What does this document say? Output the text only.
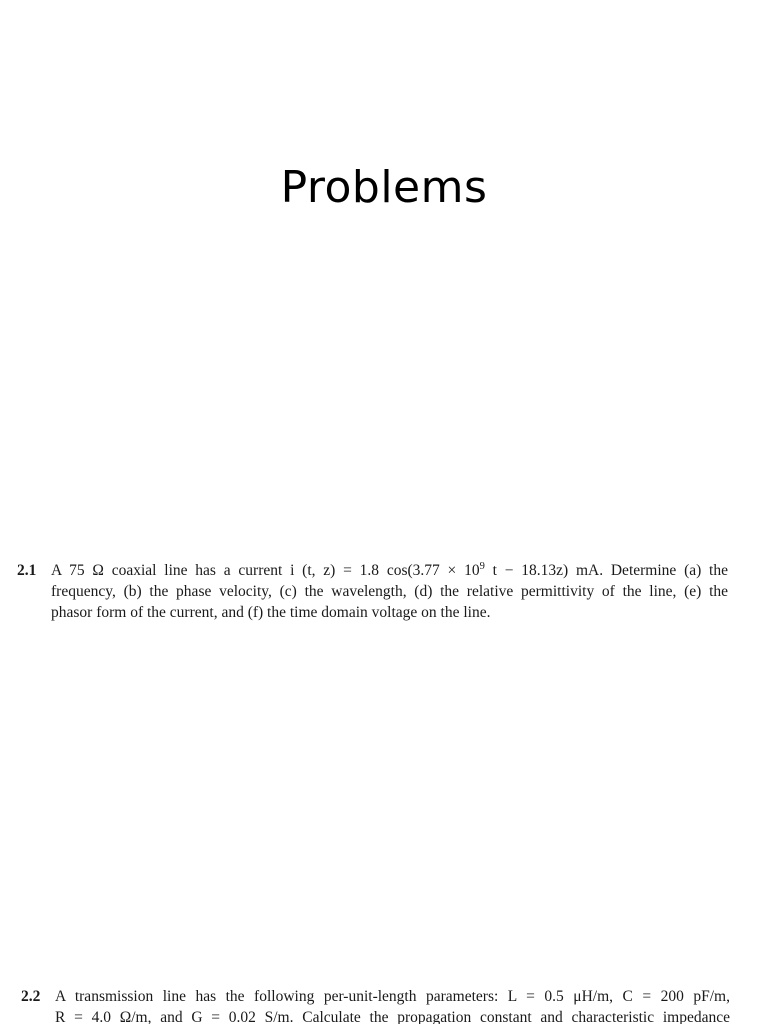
Problems
2.1 A 75 Ω coaxial line has a current i (t, z) = 1.8 $\cos(3.77 \times 10^9$ t − 18.13z) mA. Determine (a) the
frequency, (b) the phase velocity, (c) the wavelength, (d) the relative permittivity of the line, (e) the
phasor form of the current, and (f) the time domain voltage on the line.
2.2 A transmission line has the following per-unit-length parameters: L = 0.5 μH/m, C = 200 pF/m,
R = 4.0 Ω/m, and G = 0.02 S/m. Calculate the propagation constant and characteristic impedance
